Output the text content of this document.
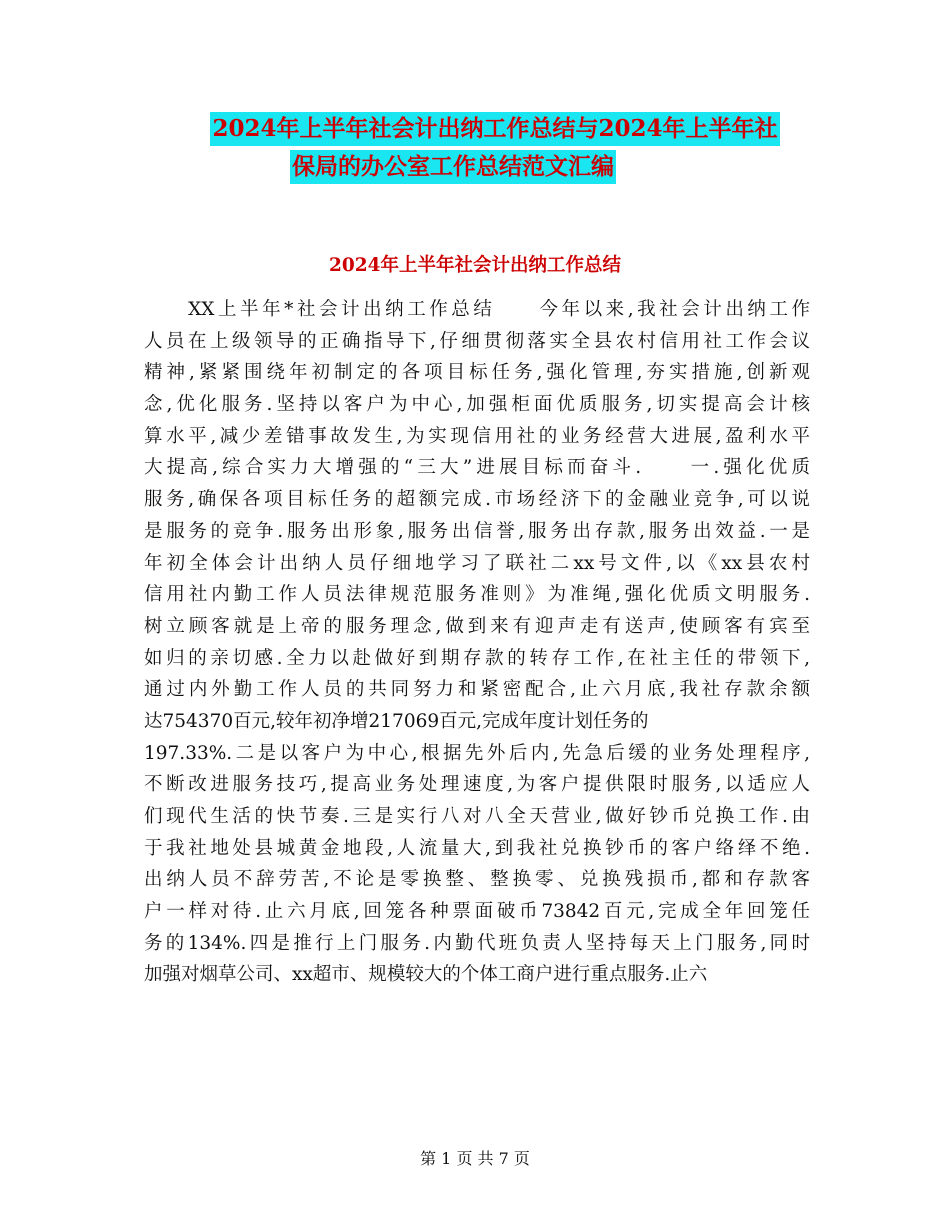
2024年上半年社会计出纳工作总结与2024年上半年社
保局的办公室工作总结范文汇编
2024年上半年社会计出纳工作总结
　　XX上半年*社会计出纳工作总结　　今年以来,我社会计出纳工作
人员在上级领导的正确指导下,仔细贯彻落实全县农村信用社工作会议
精神,紧紧围绕年初制定的各项目标任务,强化管理,夯实措施,创新观
念,优化服务.坚持以客户为中心,加强柜面优质服务,切实提高会计核
算水平,减少差错事故发生,为实现信用社的业务经营大进展,盈利水平
大提高,综合实力大增强的“三大”进展目标而奋斗.　　一.强化优质
服务,确保各项目标任务的超额完成.市场经济下的金融业竞争,可以说
是服务的竞争.服务出形象,服务出信誉,服务出存款,服务出效益.一是
年初全体会计出纳人员仔细地学习了联社二xx号文件,以《xx县农村
信用社内勤工作人员法律规范服务准则》为准绳,强化优质文明服务.
树立顾客就是上帝的服务理念,做到来有迎声走有送声,使顾客有宾至
如归的亲切感.全力以赴做好到期存款的转存工作,在社主任的带领下,
通过内外勤工作人员的共同努力和紧密配合,止六月底,我社存款余额
达754370百元,较年初净增217069百元,完成年度计划任务的
197.33%.二是以客户为中心,根据先外后内,先急后缓的业务处理程序,
不断改进服务技巧,提高业务处理速度,为客户提供限时服务,以适应人
们现代生活的快节奏.三是实行八对八全天营业,做好钞币兑换工作.由
于我社地处县城黄金地段,人流量大,到我社兑换钞币的客户络绎不绝.
出纳人员不辞劳苦,不论是零换整、整换零、兑换残损币,都和存款客
户一样对待.止六月底,回笼各种票面破币73842百元,完成全年回笼任
务的134%.四是推行上门服务.内勤代班负责人坚持每天上门服务,同时
加强对烟草公司、xx超市、规模较大的个体工商户进行重点服务.止六
第 1 页 共 7 页
